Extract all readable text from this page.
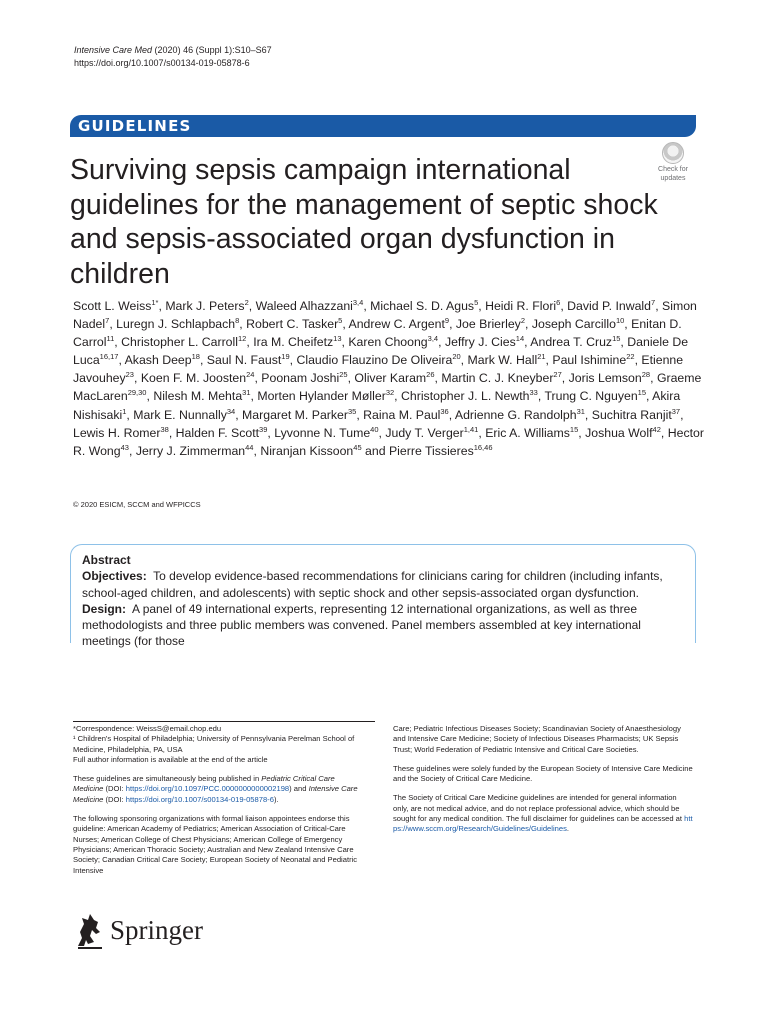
Intensive Care Med (2020) 46 (Suppl 1):S10–S67
https://doi.org/10.1007/s00134-019-05878-6
GUIDELINES
Check for
updates
Surviving sepsis campaign international guidelines for the management of septic shock and sepsis-associated organ dysfunction in children
Scott L. Weiss$^{1*}$, Mark J. Peters$^2$, Waleed Alhazzani$^{3,4}$, Michael S. D. Agus$^5$, Heidi R. Flori$^6$, David P. Inwald$^7$, Simon Nadel$^7$, Luregn J. Schlapbach$^8$, Robert C. Tasker$^5$, Andrew C. Argent$^9$, Joe Brierley$^2$, Joseph Carcillo$^{10}$, Enitan D. Carrol$^{11}$, Christopher L. Carroll$^{12}$, Ira M. Cheifetz$^{13}$, Karen Choong$^{3,4}$, Jeffry J. Cies$^{14}$, Andrea T. Cruz$^{15}$, Daniele De Luca$^{16,17}$, Akash Deep$^{18}$, Saul N. Faust$^{19}$, Claudio Flauzino De Oliveira$^{20}$, Mark W. Hall$^{21}$, Paul Ishimine$^{22}$, Etienne Javouhey$^{23}$, Koen F. M. Joosten$^{24}$, Poonam Joshi$^{25}$, Oliver Karam$^{26}$, Martin C. J. Kneyber$^{27}$, Joris Lemson$^{28}$, Graeme MacLaren$^{29,30}$, Nilesh M. Mehta$^{31}$, Morten Hylander Møller$^{32}$, Christopher J. L. Newth$^{33}$, Trung C. Nguyen$^{15}$, Akira Nishisaki$^1$, Mark E. Nunnally$^{34}$, Margaret M. Parker$^{35}$, Raina M. Paul$^{36}$, Adrienne G. Randolph$^{31}$, Suchitra Ranjit$^{37}$, Lewis H. Romer$^{38}$, Halden F. Scott$^{39}$, Lyvonne N. Tume$^{40}$, Judy T. Verger$^{1,41}$, Eric A. Williams$^{15}$, Joshua Wolf$^{42}$, Hector R. Wong$^{43}$, Jerry J. Zimmerman$^{44}$, Niranjan Kissoon$^{45}$ and Pierre Tissieres$^{16,46}$
© 2020 ESICM, SCCM and WFPICCS
Abstract
Objectives: To develop evidence-based recommendations for clinicians caring for children (including infants, school-aged children, and adolescents) with septic shock and other sepsis-associated organ dysfunction.
Design: A panel of 49 international experts, representing 12 international organizations, as well as three methodologists and three public members was convened. Panel members assembled at key international meetings (for those

*Correspondence: WeissS@email.chop.edu

¹ Children's Hospital of Philadelphia; University of Pennsylvania Perelman School of Medicine, Philadelphia, PA, USA

Full author information is available at the end of the article

These guidelines are simultaneously being published in Pediatric Critical Care Medicine (DOI: https://doi.org/10.1097/PCC.0000000000002198) and Intensive Care Medicine (DOI: https://doi.org/10.1007/s00134-019-05878-6).

The following sponsoring organizations with formal liaison appointees endorse this guideline: American Academy of Pediatrics; American Association of Critical-Care Nurses; American College of Chest Physicians; American College of Emergency Physicians; American Thoracic Society; Australian and New Zealand Intensive Care Society; Canadian Critical Care Society; European Society of Neonatal and Pediatric Intensive

Care; Pediatric Infectious Diseases Society; Scandinavian Society of Anaesthesiology and Intensive Care Medicine; Society of Infectious Diseases Pharmacists; UK Sepsis Trust; World Federation of Pediatric Intensive and Critical Care Societies.

These guidelines were solely funded by the European Society of Intensive Care Medicine and the Society of Critical Care Medicine.

The Society of Critical Care Medicine guidelines are intended for general information only, are not medical advice, and do not replace professional advice, which should be sought for any medical condition. The full disclaimer for guidelines can be accessed at https://www.sccm.org/Research/Guidelines/Guidelines.

Springer
